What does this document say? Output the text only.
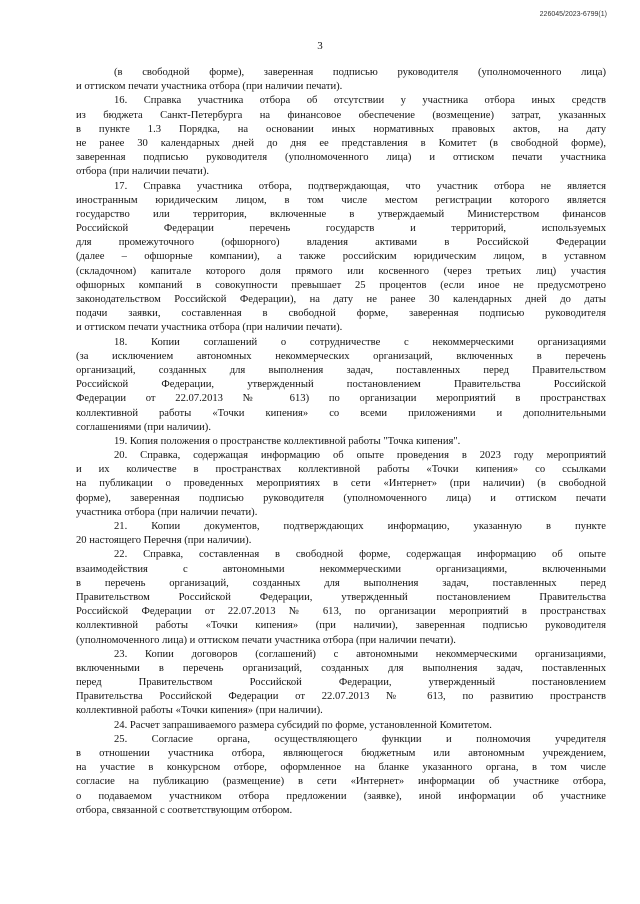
226045/2023-6799(1)
3
(в свободной форме), заверенная подписью руководителя (уполномоченного лица)
и оттиском печати участника отбора (при наличии печати).
16. Справка участника отбора об отсутствии у участника отбора иных средств
из бюджета Санкт-Петербурга на финансовое обеспечение (возмещение) затрат, указанных
в пункте 1.3 Порядка, на основании иных нормативных правовых актов, на дату
не ранее 30 календарных дней до дня ее представления в Комитет (в свободной форме),
заверенная подписью руководителя (уполномоченного лица) и оттиском печати участника
отбора (при наличии печати).
17. Справка участника отбора, подтверждающая, что участник отбора не является
иностранным юридическим лицом, в том числе местом регистрации которого является
государство или территория, включенные в утверждаемый Министерством финансов
Российской Федерации перечень государств и территорий, используемых
для промежуточного (офшорного) владения активами в Российской Федерации
(далее – офшорные компании), а также российским юридическим лицом, в уставном
(складочном) капитале которого доля прямого или косвенного (через третьих лиц) участия
офшорных компаний в совокупности превышает 25 процентов (если иное не предусмотрено
законодательством Российской Федерации), на дату не ранее 30 календарных дней до даты
подачи заявки, составленная в свободной форме, заверенная подписью руководителя
и оттиском печати участника отбора (при наличии печати).
18. Копии соглашений о сотрудничестве с некоммерческими организациями
(за исключением автономных некоммерческих организаций, включенных в перечень
организаций, созданных для выполнения задач, поставленных перед Правительством
Российской Федерации, утвержденный постановлением Правительства Российской
Федерации от 22.07.2013 № 613) по организации мероприятий в пространствах
коллективной работы «Точки кипения» со всеми приложениями и дополнительными
соглашениями (при наличии).
19. Копия положения о пространстве коллективной работы "Точка кипения".
20. Справка, содержащая информацию об опыте проведения в 2023 году мероприятий
и их количестве в пространствах коллективной работы «Точки кипения» со ссылками
на публикации о проведенных мероприятиях в сети «Интернет» (при наличии) (в свободной
форме), заверенная подписью руководителя (уполномоченного лица) и оттиском печати
участника отбора (при наличии печати).
21. Копии документов, подтверждающих информацию, указанную в пункте
20 настоящего Перечня (при наличии).
22. Справка, составленная в свободной форме, содержащая информацию об опыте
взаимодействия с автономными некоммерческими организациями, включенными
в перечень организаций, созданных для выполнения задач, поставленных перед
Правительством Российской Федерации, утвержденный постановлением Правительства
Российской Федерации от 22.07.2013 № 613, по организации мероприятий в пространствах
коллективной работы «Точки кипения» (при наличии), заверенная подписью руководителя
(уполномоченного лица) и оттиском печати участника отбора (при наличии печати).
23. Копии договоров (соглашений) с автономными некоммерческими организациями,
включенными в перечень организаций, созданных для выполнения задач, поставленных
перед Правительством Российской Федерации, утвержденный постановлением
Правительства Российской Федерации от 22.07.2013 № 613, по развитию пространств
коллективной работы «Точки кипения» (при наличии).
24. Расчет запрашиваемого размера субсидий по форме, установленной Комитетом.
25. Согласие органа, осуществляющего функции и полномочия учредителя
в отношении участника отбора, являющегося бюджетным или автономным учреждением,
на участие в конкурсном отборе, оформленное на бланке указанного органа, в том числе
согласие на публикацию (размещение) в сети «Интернет» информации об участнике отбора,
о подаваемом участником отбора предложении (заявке), иной информации об участнике
отбора, связанной с соответствующим отбором.
